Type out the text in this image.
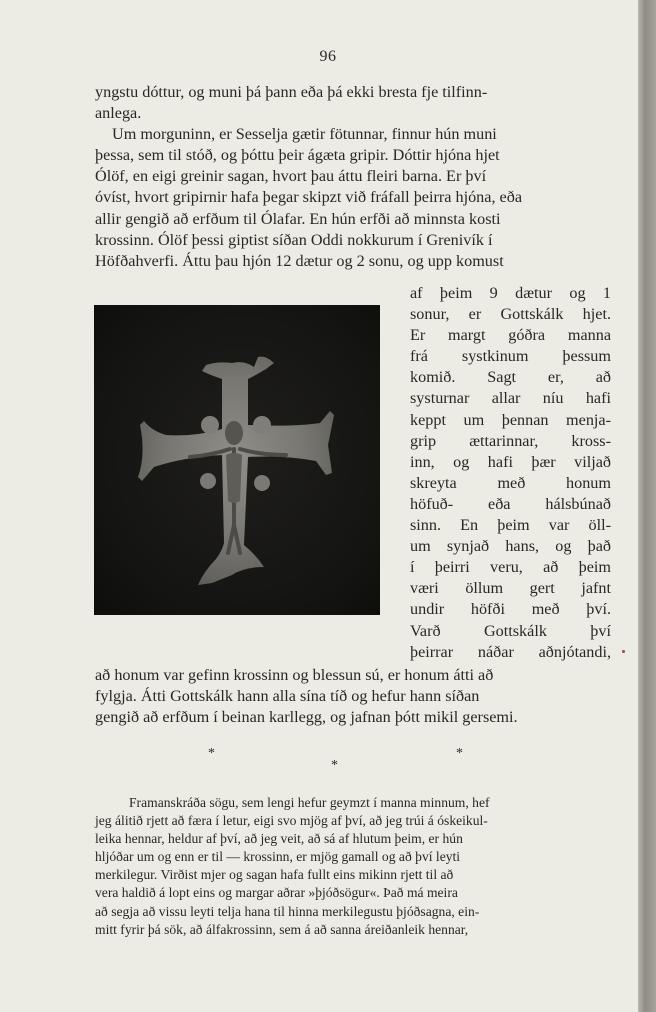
96

yngstu dóttur, og muni þá þann eða þá ekki bresta fje tilfinn-

anlega.

Um morguninn, er Sesselja gætir fötunnar, finnur hún muni

þessa, sem til stóð, og þóttu þeir ágæta gripir. Dóttir hjóna hjet

Ólöf, en eigi greinir sagan, hvort þau áttu fleiri barna. Er því

óvíst, hvort gripirnir hafa þegar skipzt við fráfall þeirra hjóna, eða

allir gengið að erfðum til Ólafar. En hún erfði að minnsta kosti

krossinn. Ólöf þessi giptist síðan Oddi nokkurum í Grenivík í

Höfðahverfi. Áttu þau hjón 12 dætur og 2 sonu, og upp komust

af þeim 9 dætur og 1

sonur, er Gottskálk hjet.

Er margt góðra manna

frá systkinum þessum

komið. Sagt er, að

systurnar allar níu hafi

keppt um þennan menja-

grip ættarinnar, kross-

inn, og hafi þær viljað

skreyta með honum

höfuð- eða hálsbúnað

sinn. En þeim var öll-

um synjað hans, og það

í þeirri veru, að þeim

væri öllum gert jafnt

undir höfði með því.

Varð Gottskálk því

þeirrar náðar aðnjótandi,

að honum var gefinn krossinn og blessun sú, er honum átti að

fylgja. Átti Gottskálk hann alla sína tíð og hefur hann síðan

gengið að erfðum í beinan karllegg, og jafnan þótt mikil gersemi.

*
*
*

Framanskráða sögu, sem lengi hefur geymzt í manna minnum, hef

jeg álitið rjett að færa í letur, eigi svo mjög af því, að jeg trúi á óskeikul-

leika hennar, heldur af því, að jeg veit, að sá af hlutum þeim, er hún

hljóðar um og enn er til — krossinn, er mjög gamall og að því leyti

merkilegur. Virðist mjer og sagan hafa fullt eins mikinn rjett til að

vera haldið á lopt eins og margar aðrar »þjóðsögur«. Það má meira

að segja að vissu leyti telja hana til hinna merkilegustu þjóðsagna, ein-

mitt fyrir þá sök, að álfakrossinn, sem á að sanna áreiðanleik hennar,
